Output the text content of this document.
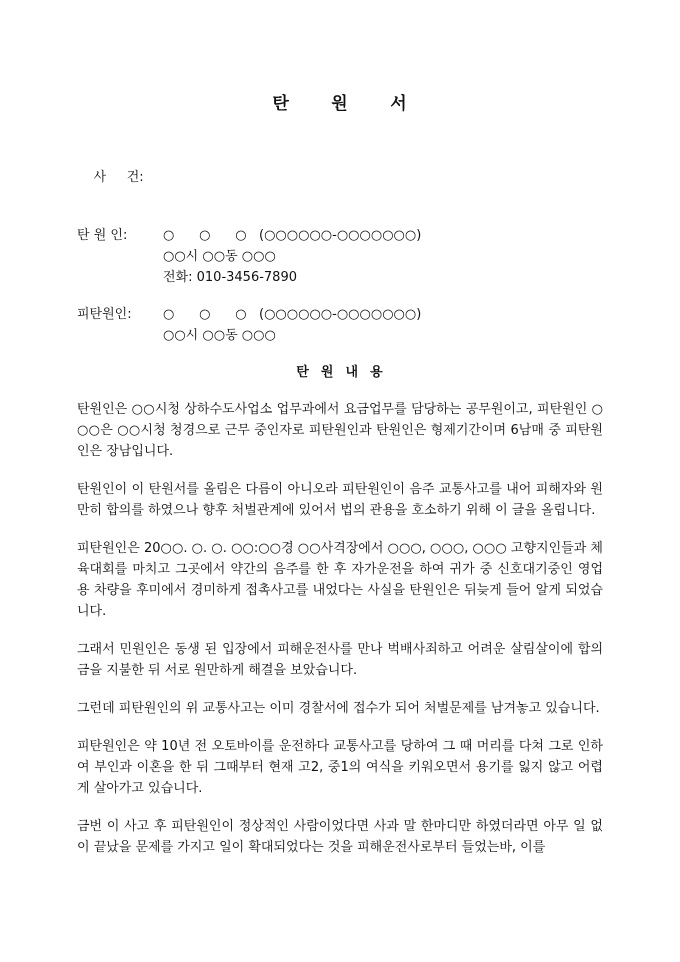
탄      원      서

사     건:

탄 원 인:	○      ○      ○   (○○○○○○-○○○○○○○)
○○시 ○○동 ○○○
전화: 010-3456-7890
피탄원인:	○      ○      ○   (○○○○○○-○○○○○○○)
○○시 ○○동 ○○○
탄  원  내  용

탄원인은 ○○시청 상하수도사업소 업무과에서 요금업무를 담당하는 공무원이고, 피탄원인 ○○○은 ○○시청 청경으로 근무 중인자로 피탄원인과 탄원인은 형제기간이며 6남매 중 피탄원인은 장남입니다.

탄원인이 이 탄원서를 올림은 다름이 아니오라 피탄원인이 음주 교통사고를 내어 피해자와 원만히 합의를 하였으나 향후 처벌관계에 있어서 법의 관용을 호소하기 위해 이 글을 올립니다.

피탄원인은 20○○. ○. ○. ○○:○○경 ○○사격장에서 ○○○, ○○○, ○○○ 고향지인들과 체육대회를 마치고 그곳에서 약간의 음주를 한 후 자가운전을 하여 귀가 중 신호대기중인 영업용 차량을 후미에서 경미하게 접촉사고를 내었다는 사실을 탄원인은 뒤늦게 들어 알게 되었습니다.

그래서 민원인은 동생 된 입장에서 피해운전사를 만나 벅배사죄하고 어려운 살림살이에 합의금을 지불한 뒤 서로 원만하게 해결을 보았습니다.

그런데 피탄원인의 위 교통사고는 이미 경찰서에 접수가 되어 처벌문제를 남겨놓고 있습니다.

피탄원인은 약 10년 전 오토바이를 운전하다 교통사고를 당하여 그 때 머리를 다쳐 그로 인하여 부인과 이혼을 한 뒤 그때부터 현재 고2, 중1의 여식을 키워오면서 용기를 잃지 않고 어렵게 살아가고 있습니다.

금번 이 사고 후 피탄원인이 정상적인 사람이었다면 사과 말 한마디만 하였더라면 아무 일 없이 끝났을 문제를 가지고 일이 확대되었다는 것을 피해운전사로부터 들었는바, 이를
